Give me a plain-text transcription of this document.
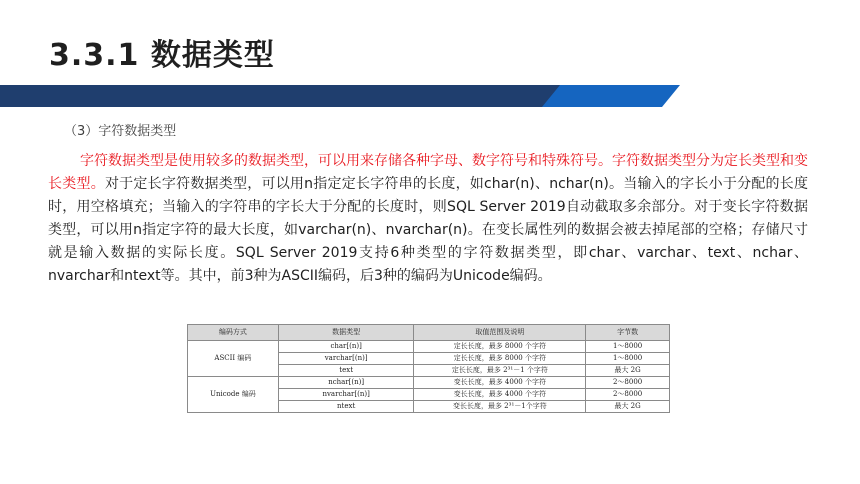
3.3.1 数据类型
（3）字符数据类型
字符数据类型是使用较多的数据类型，可以用来存储各种字母、数字符号和特殊符号。字符数据类型分为定长类型和变长类型。对于定长字符数据类型，可以用n指定定长字符串的长度，如char(n)、nchar(n)。当输入的字长小于分配的长度时，用空格填充；当输入的字符串的字长大于分配的长度时，则SQL Server 2019自动截取多余部分。对于变长字符数据类型，可以用n指定字符的最大长度，如varchar(n)、nvarchar(n)。在变长属性列的数据会被去掉尾部的空格；存储尺寸就是输入数据的实际长度。SQL Server 2019支持6种类型的字符数据类型，即char、varchar、text、nchar、nvarchar和ntext等。其中，前3种为ASCII编码，后3种的编码为Unicode编码。
编码方式	数据类型	取值范围及说明	字节数
ASCII 编码	char[(n)]	定长长度，最多 8000 个字符	1～8000
	varchar[(n)]	定长长度，最多 8000 个字符	1～8000
	text	定长长度，最多 2³¹－1 个字符	最大 2G
Unicode 编码	nchar[(n)]	变长长度，最多 4000 个字符	2～8000
	nvarchar[(n)]	变长长度，最多 4000 个字符	2～8000
	ntext	变长长度，最多 2³¹－1个字符	最大 2G
